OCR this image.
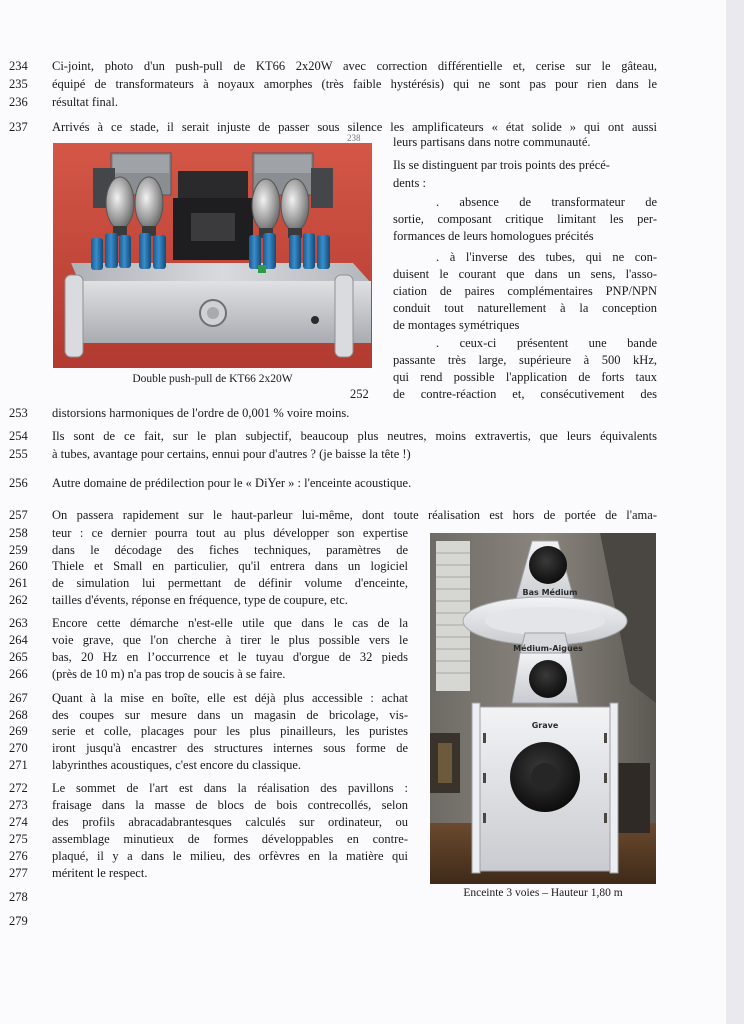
234
235
236
237
252
253
254
255
256
257
258
259
260
261
262
263
264
265
266
267
268
269
270
271
272
273
274
275
276
277
278
279
238
Ci-joint, photo d'un push-pull de KT66 2x20W avec correction différentielle et, cerise sur le gâteau,
équipé de transformateurs à noyaux amorphes (très faible hystérésis) qui ne sont pas pour rien dans le
résultat final.
Arrivés à ce stade, il serait injuste de passer sous silence les amplificateurs « état solide » qui ont aussi
leurs partisans dans notre communauté.
Ils se distinguent par trois points des précé-
dents :
. absence de transformateur de
sortie, composant critique limitant les per-
formances de leurs homologues précités
. à l'inverse des tubes, qui ne con-
duisent le courant que dans un sens, l'asso-
ciation de paires complémentaires PNP/NPN
conduit tout naturellement à la conception
de montages symétriques
. ceux-ci présentent une bande
passante très large, supérieure à 500 kHz,
qui rend possible l'application de forts taux
de contre-réaction et, consécutivement des
distorsions harmoniques de l'ordre de 0,001 % voire moins.
Double push-pull de KT66 2x20W
Ils sont de ce fait, sur le plan subjectif, beaucoup plus neutres, moins extravertis, que leurs équivalents
à tubes, avantage pour certains, ennui pour d'autres ? (je baisse la tête !)
Autre domaine de prédilection pour le « DiYer » : l'enceinte acoustique.
On passera rapidement sur le haut-parleur lui-même, dont toute réalisation est hors de portée de l'ama-
teur : ce dernier pourra tout au plus développer son expertise
dans le décodage des fiches techniques, paramètres de
Thiele et Small en particulier, qu'il entrera dans un logiciel
de simulation lui permettant de définir volume d'enceinte,
tailles d'évents, réponse en fréquence, type de coupure, etc.
Encore cette démarche n'est-elle utile que dans le cas de la
voie grave, que l'on cherche à tirer le plus possible vers le
bas, 20 Hz en l’occurrence et le tuyau d'orgue de 32 pieds
(près de 10 m) n'a pas trop de soucis à se faire.
Quant à la mise en boîte, elle est déjà plus accessible : achat
des coupes sur mesure dans un magasin de bricolage, vis-
serie et colle, placages pour les plus pinailleurs, les puristes
iront jusqu'à encastrer des structures internes sous forme de
labyrinthes acoustiques, c'est encore du classique.
Le sommet de l'art est dans la réalisation des pavillons :
fraisage dans la masse de blocs de bois contrecollés, selon
des profils abracadabrantesques calculés sur ordinateur, ou
assemblage minutieux de formes développables en contre-
plaqué, il y a dans le milieu, des orfèvres en la matière qui
méritent le respect.
Bas Médium
Médium-Aigues
Grave
Enceinte 3 voies – Hauteur 1,80 m
